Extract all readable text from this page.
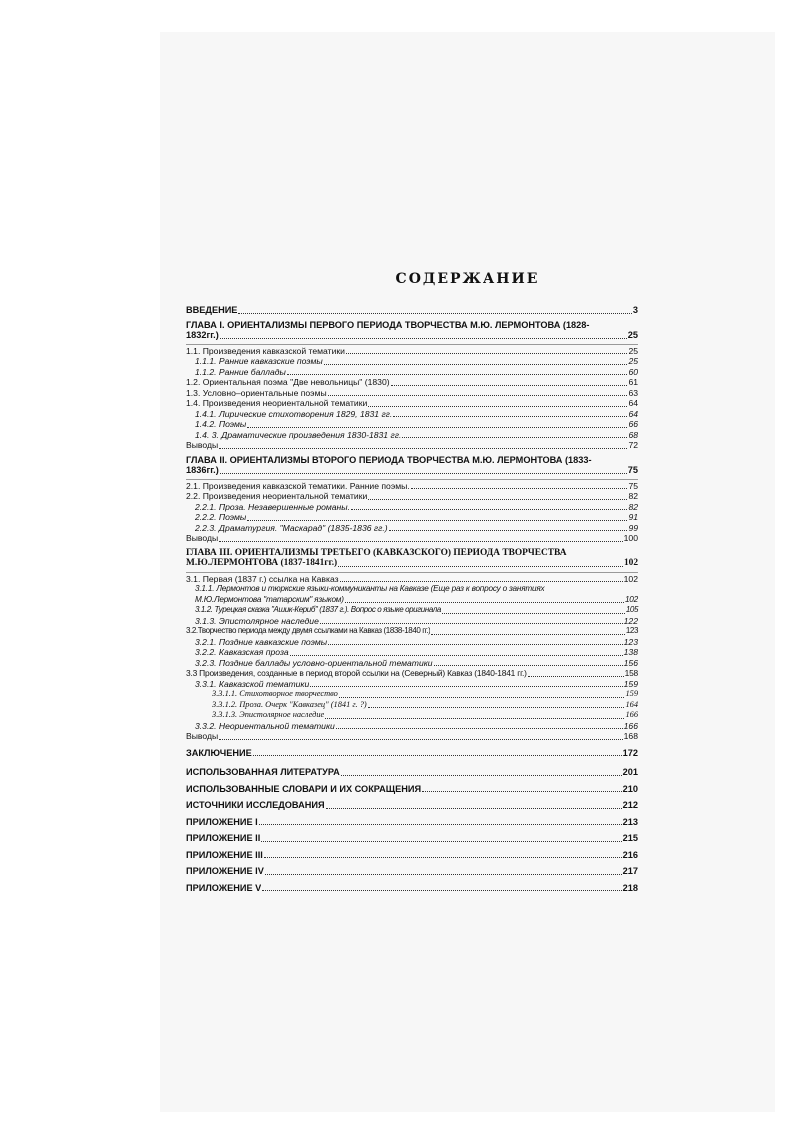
СОДЕРЖАНИЕ
ВВЕДЕНИЕ	3
ГЛАВА I. ОРИЕНТАЛИЗМЫ ПЕРВОГО ПЕРИОДА ТВОРЧЕСТВА М.Ю. ЛЕРМОНТОВА (1828-
1832гг.)	25
1.1. Произведения кавказской тематики	25
1.1.1. Ранние кавказские поэмы	25
1.1.2. Ранние баллады	60
1.2. Ориентальная поэма "Две невольницы" (1830)	61
1.3. Условно–ориентальные поэмы	63
1.4. Произведения неориентальной тематики	64
1.4.1. Лирические стихотворения 1829, 1831 гг.	64
1.4.2. Поэмы	66
1.4. 3. Драматические произведения 1830-1831 гг.	68
Выводы	72
ГЛАВА II. ОРИЕНТАЛИЗМЫ ВТОРОГО ПЕРИОДА ТВОРЧЕСТВА М.Ю. ЛЕРМОНТОВА (1833-
1836гг.)	75
2.1. Произведения кавказской тематики. Ранние поэмы.	75
2.2. Произведения неориентальной тематики	82
2.2.1. Проза. Незавершенные романы.	82
2.2.2. Поэмы	91
2.2.3. Драматургия. "Маскарад" (1835-1836 гг.)	99
Выводы	100
ГЛАВА III. ОРИЕНТАЛИЗМЫ ТРЕТЬЕГО (КАВКАЗСКОГО) ПЕРИОДА ТВОРЧЕСТВА
М.Ю.ЛЕРМОНТОВА (1837-1841гг.)	102
3.1. Первая (1837 г.) ссылка на Кавказ	102
3.1.1. Лермонтов и тюркские языки-коммуниканты на Кавказе (Еще раз к вопросу о занятиях
М.Ю.Лермонтова "татарским" языком)	102
3.1.2. Турецкая сказка "Ашик-Кериб" (1837 г.). Вопрос о языке оригинала	105
3.1.3. Эпистолярное наследие	122
3.2.Творчество периода между двумя ссылками на Кавказ (1838-1840 гг.)	123
3.2.1. Поздние кавказские поэмы	123
3.2.2. Кавказская проза	138
3.2.3. Поздние баллады условно-ориентальной тематики	156
3.3 Произведения, созданные в период второй ссылки на (Северный) Кавказ (1840-1841 гг.)	158
3.3.1. Кавказской тематики	159
3.3.1.1. Стихотворное творчество	159
3.3.1.2. Проза. Очерк "Кавказец" (1841 г. ?)	164
3.3.1.3. Эпистолярное наследие	166
3.3.2. Неориентальной тематики	166
Выводы	168
ЗАКЛЮЧЕНИЕ	172
ИСПОЛЬЗОВАННАЯ ЛИТЕРАТУРА	201
ИСПОЛЬЗОВАННЫЕ СЛОВАРИ И ИХ СОКРАЩЕНИЯ	210
ИСТОЧНИКИ ИССЛЕДОВАНИЯ	212
ПРИЛОЖЕНИЕ I	213
ПРИЛОЖЕНИЕ II	215
ПРИЛОЖЕНИЕ III	216
ПРИЛОЖЕНИЕ IV	217
ПРИЛОЖЕНИЕ V	218
